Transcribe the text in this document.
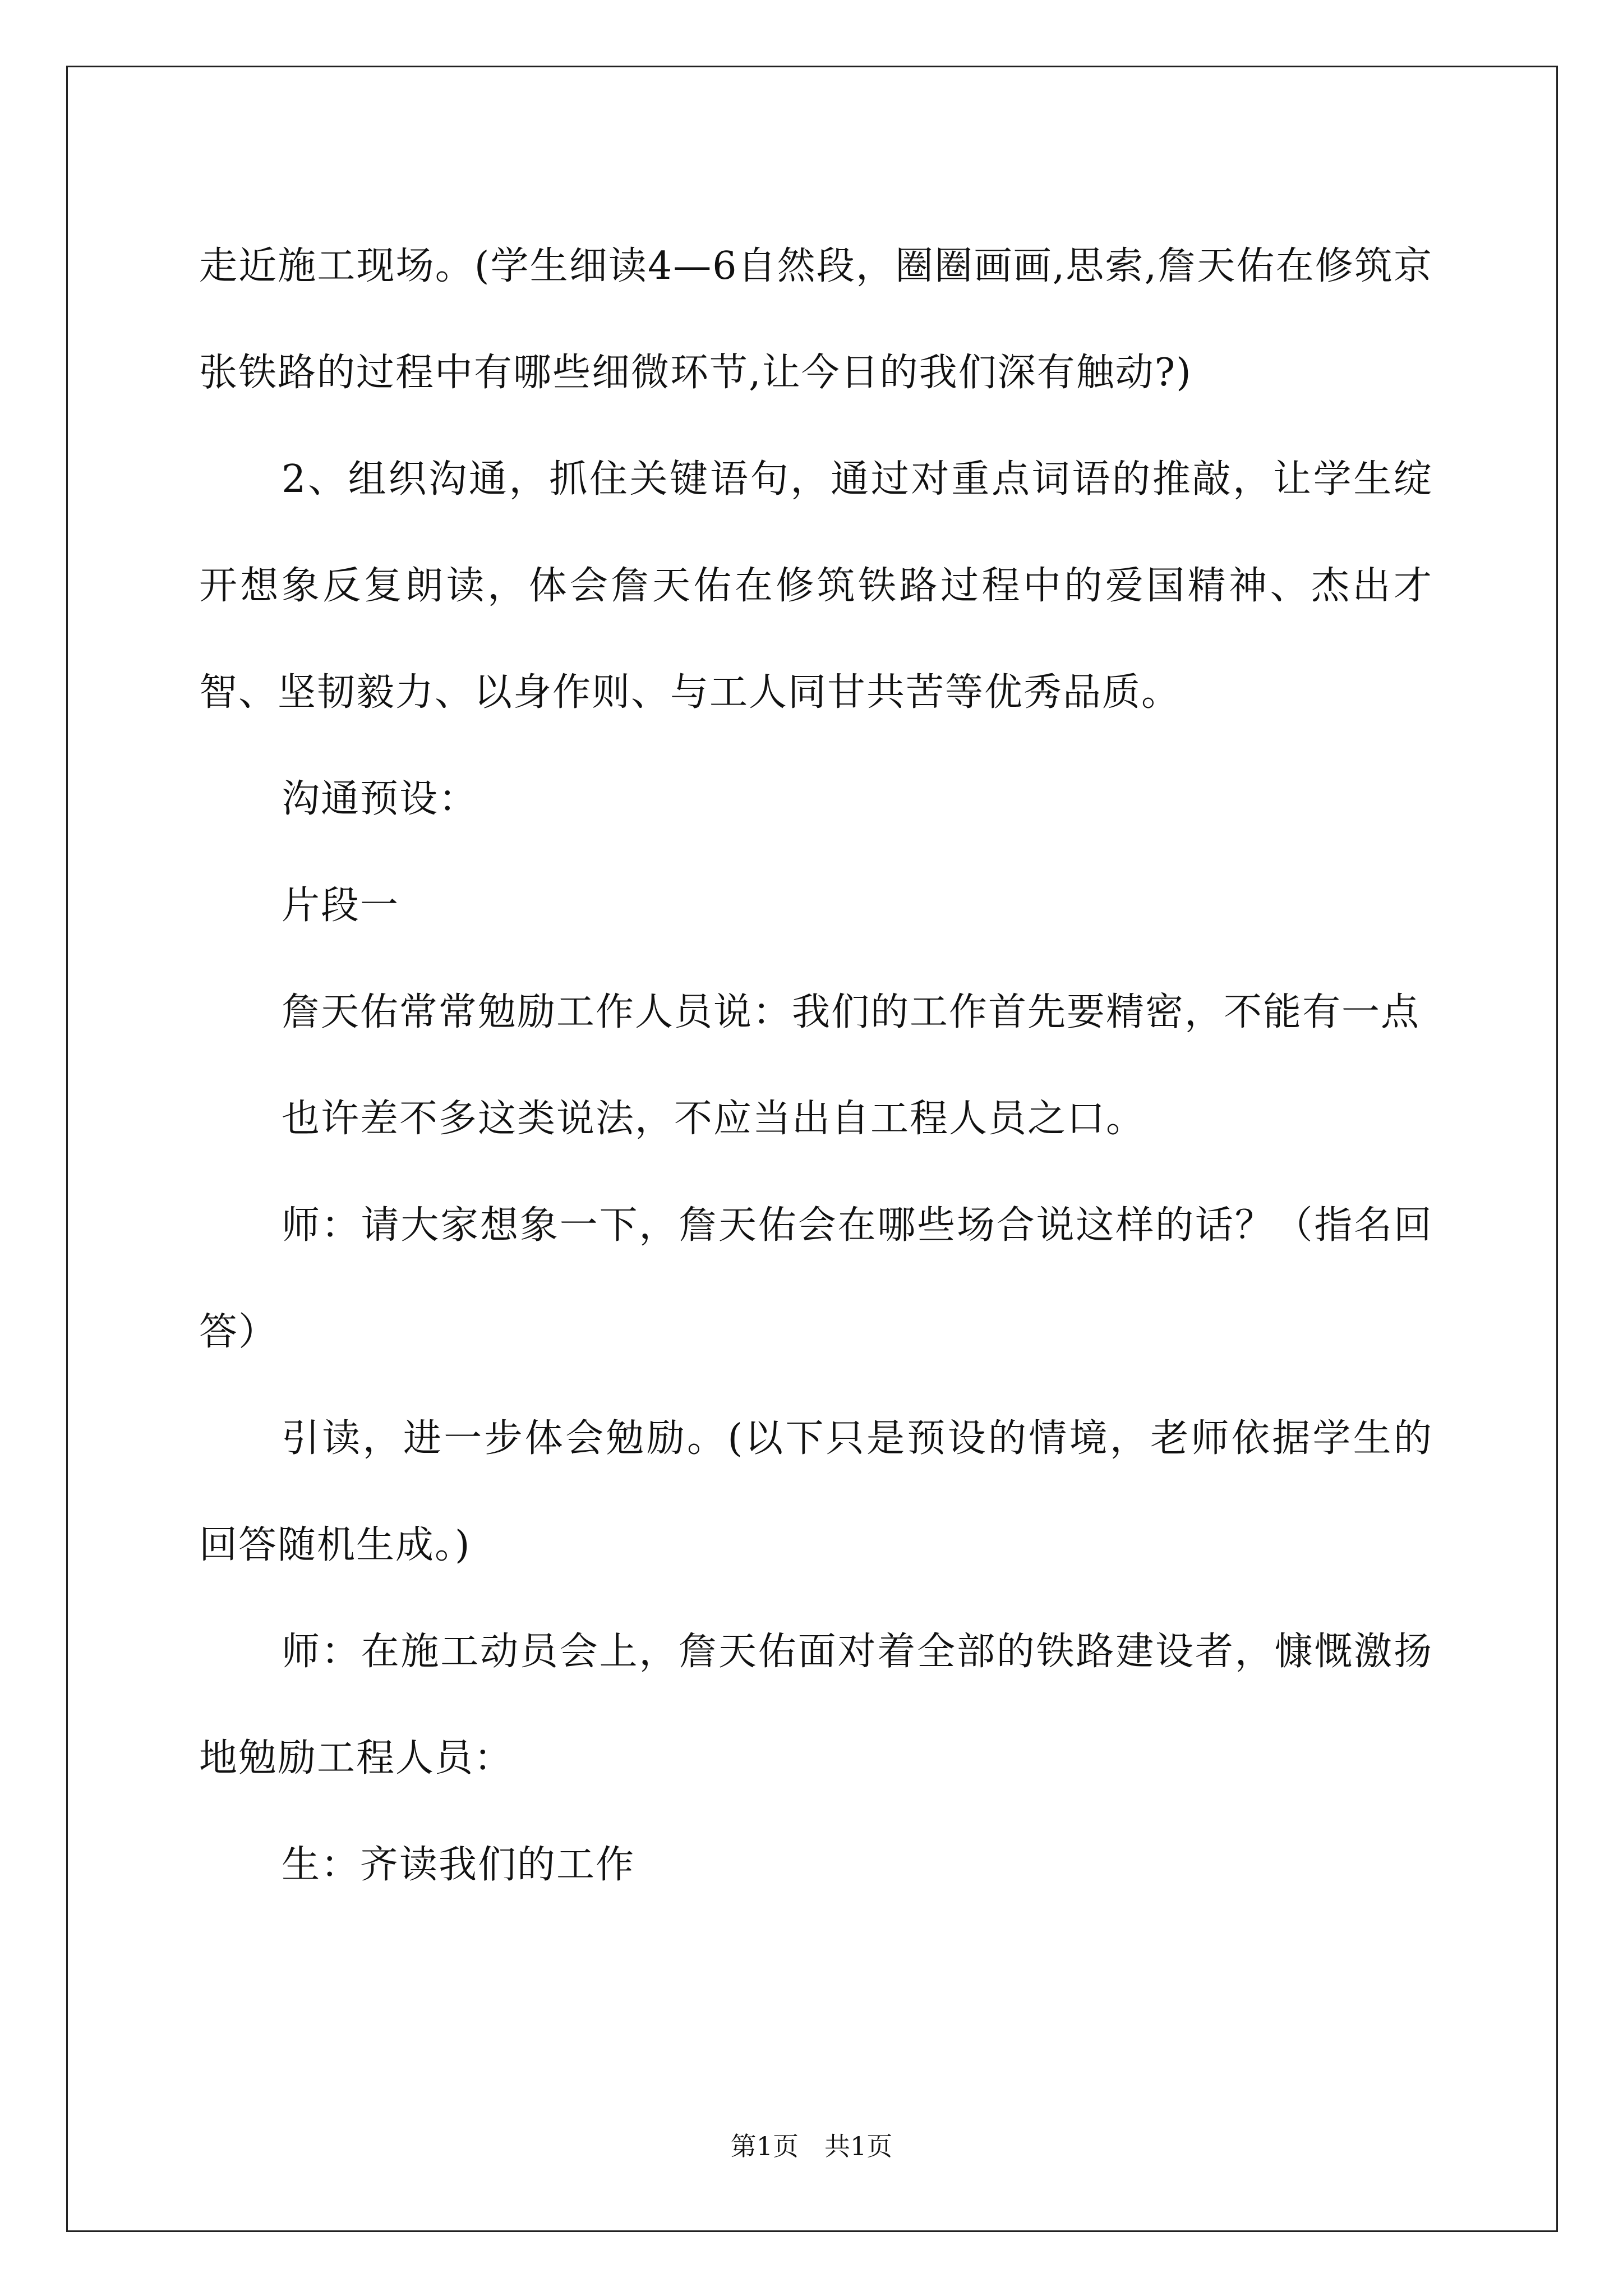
走近施工现场。(学生细读4—6自然段，圈圈画画,思索,詹天佑在修筑京张铁路的过程中有哪些细微环节,让今日的我们深有触动?)

2、组织沟通，抓住关键语句，通过对重点词语的推敲，让学生绽开想象反复朗读，体会詹天佑在修筑铁路过程中的爱国精神、杰出才智、坚韧毅力、以身作则、与工人同甘共苦等优秀品质。

沟通预设：

片段一

詹天佑常常勉励工作人员说：我们的工作首先要精密，不能有一点

也许差不多这类说法，不应当出自工程人员之口。

师：请大家想象一下，詹天佑会在哪些场合说这样的话？（指名回答）

引读，进一步体会勉励。(以下只是预设的情境，老师依据学生的回答随机生成。)

师：在施工动员会上，詹天佑面对着全部的铁路建设者，慷慨激扬地勉励工程人员：

生：齐读我们的工作

第1页　共1页
